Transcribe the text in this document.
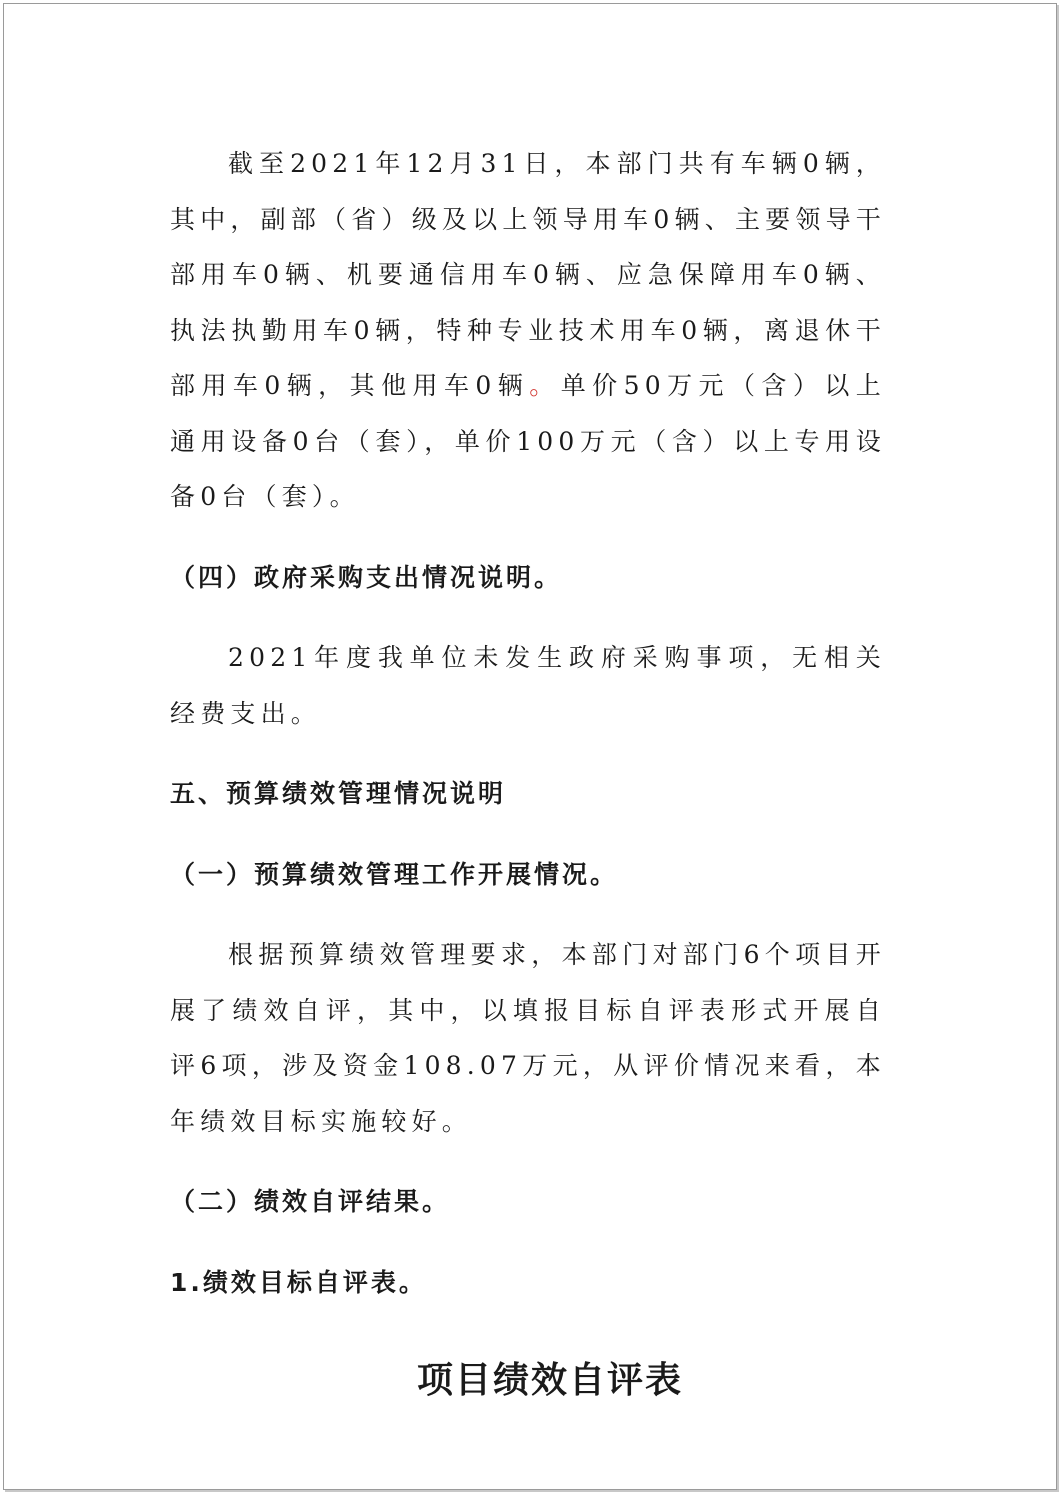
截至2021年12月31日，本部门共有车辆0辆，其中，副部（省）级及以上领导用车0辆、主要领导干部用车0辆、机要通信用车0辆、应急保障用车0辆、执法执勤用车0辆，特种专业技术用车0辆，离退休干部用车0辆，其他用车0辆。单价50万元（含）以上通用设备0台（套），单价100万元（含）以上专用设备0台（套）。

（四）政府采购支出情况说明。

2021年度我单位未发生政府采购事项，无相关经费支出。

五、预算绩效管理情况说明

（一）预算绩效管理工作开展情况。

根据预算绩效管理要求，本部门对部门6个项目开展了绩效自评，其中，以填报目标自评表形式开展自评6项，涉及资金108.07万元，从评价情况来看，本年绩效目标实施较好。

（二）绩效自评结果。

1.绩效目标自评表。

项目绩效自评表
